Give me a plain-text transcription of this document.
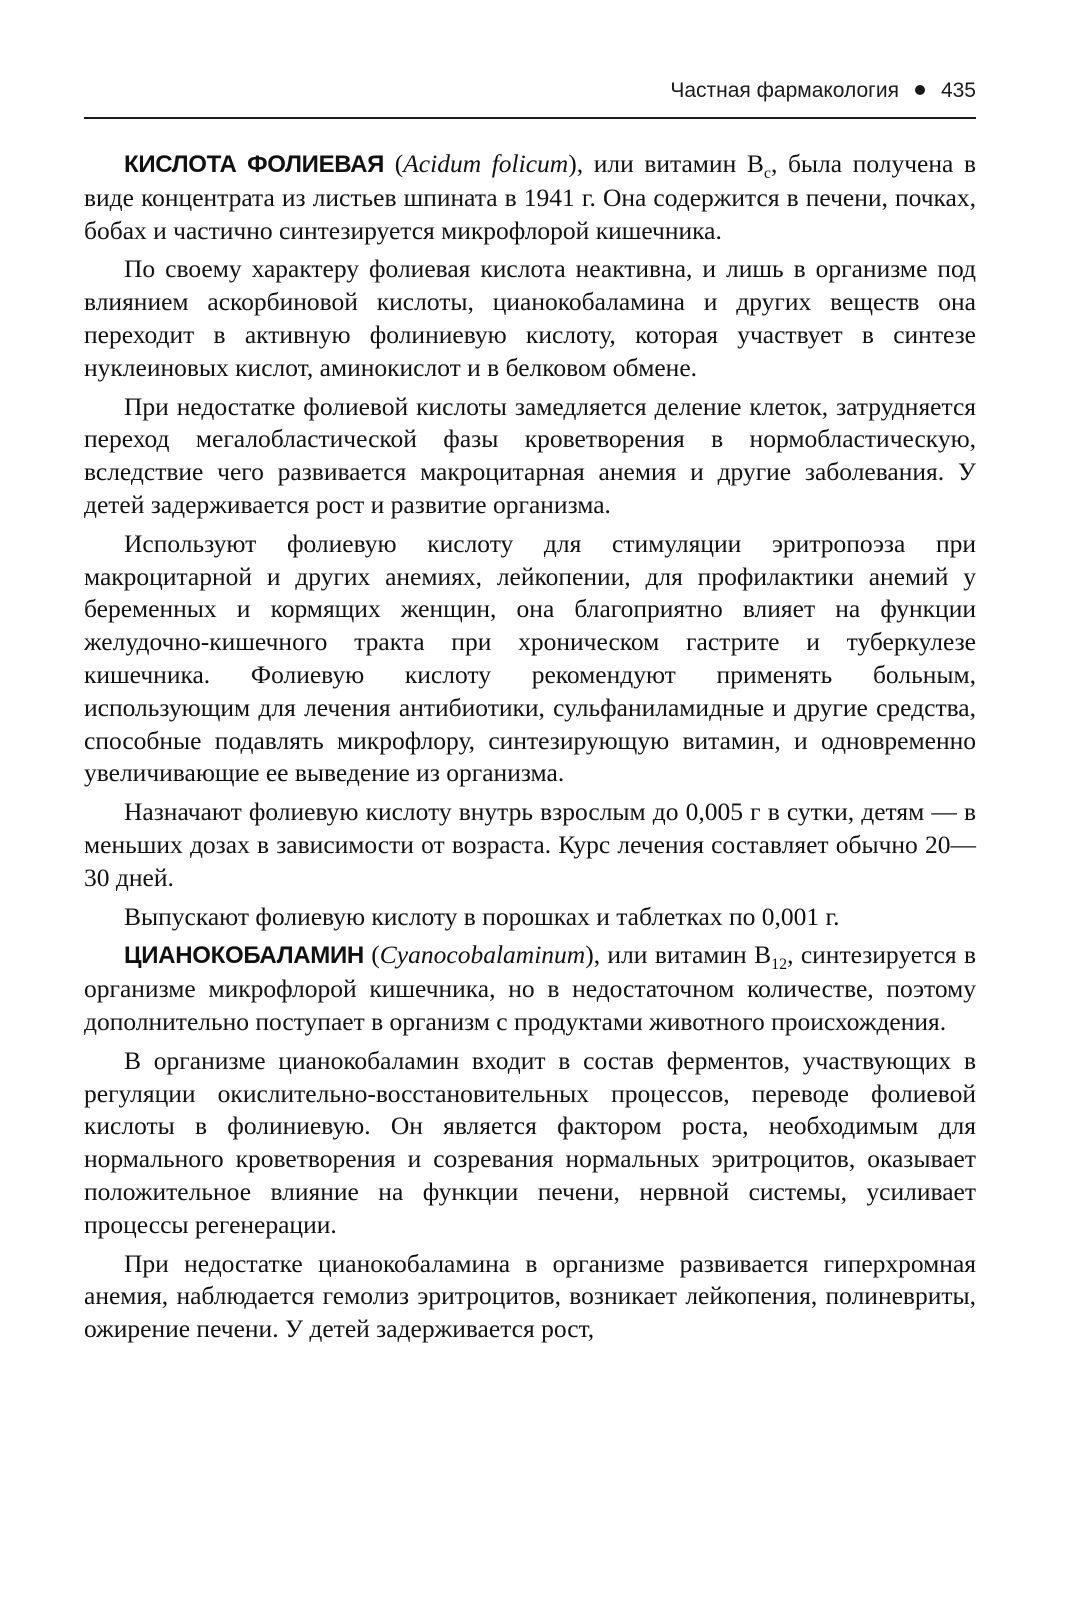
Частная фармакология 435

КИСЛОТА ФОЛИЕВАЯ (Acidum folicum), или витамин $B_c$, была получена в виде концентрата из листьев шпината в 1941 г. Она содержится в печени, почках, бобах и частично синтезируется микрофлорой кишечника.

По своему характеру фолиевая кислота неактивна, и лишь в организме под влиянием аскорбиновой кислоты, цианокобаламина и других веществ она переходит в активную фолиниевую кислоту, которая участвует в синтезе нуклеиновых кислот, аминокислот и в белковом обмене.

При недостатке фолиевой кислоты замедляется деление клеток, затрудняется переход мегалобластической фазы кроветворения в нормобластическую, вследствие чего развивается макроцитарная анемия и другие заболевания. У детей задерживается рост и развитие организма.

Используют фолиевую кислоту для стимуляции эритропоэза при макроцитарной и других анемиях, лейкопении, для профилактики анемий у беременных и кормящих женщин, она благоприятно влияет на функции желудочно-кишечного тракта при хроническом гастрите и туберкулезе кишечника. Фолиевую кислоту рекомендуют применять больным, использующим для лечения антибиотики, сульфаниламидные и другие средства, способные подавлять микрофлору, синтезирующую витамин, и одновременно увеличивающие ее выведение из организма.

Назначают фолиевую кислоту внутрь взрослым до 0,005 г в сутки, детям — в меньших дозах в зависимости от возраста. Курс лечения составляет обычно 20—30 дней.

Выпускают фолиевую кислоту в порошках и таблетках по 0,001 г.

ЦИАНОКОБАЛАМИН (Cyanocobalaminum), или витамин $B_{12}$, синтезируется в организме микрофлорой кишечника, но в недостаточном количестве, поэтому дополнительно поступает в организм с продуктами животного происхождения.

В организме цианокобаламин входит в состав ферментов, участвующих в регуляции окислительно-восстановительных процессов, переводе фолиевой кислоты в фолиниевую. Он является фактором роста, необходимым для нормального кроветворения и созревания нормальных эритроцитов, оказывает положительное влияние на функции печени, нервной системы, усиливает процессы регенерации.

При недостатке цианокобаламина в организме развивается гиперхромная анемия, наблюдается гемолиз эритроцитов, возникает лейкопения, полиневриты, ожирение печени. У детей задерживается рост,
